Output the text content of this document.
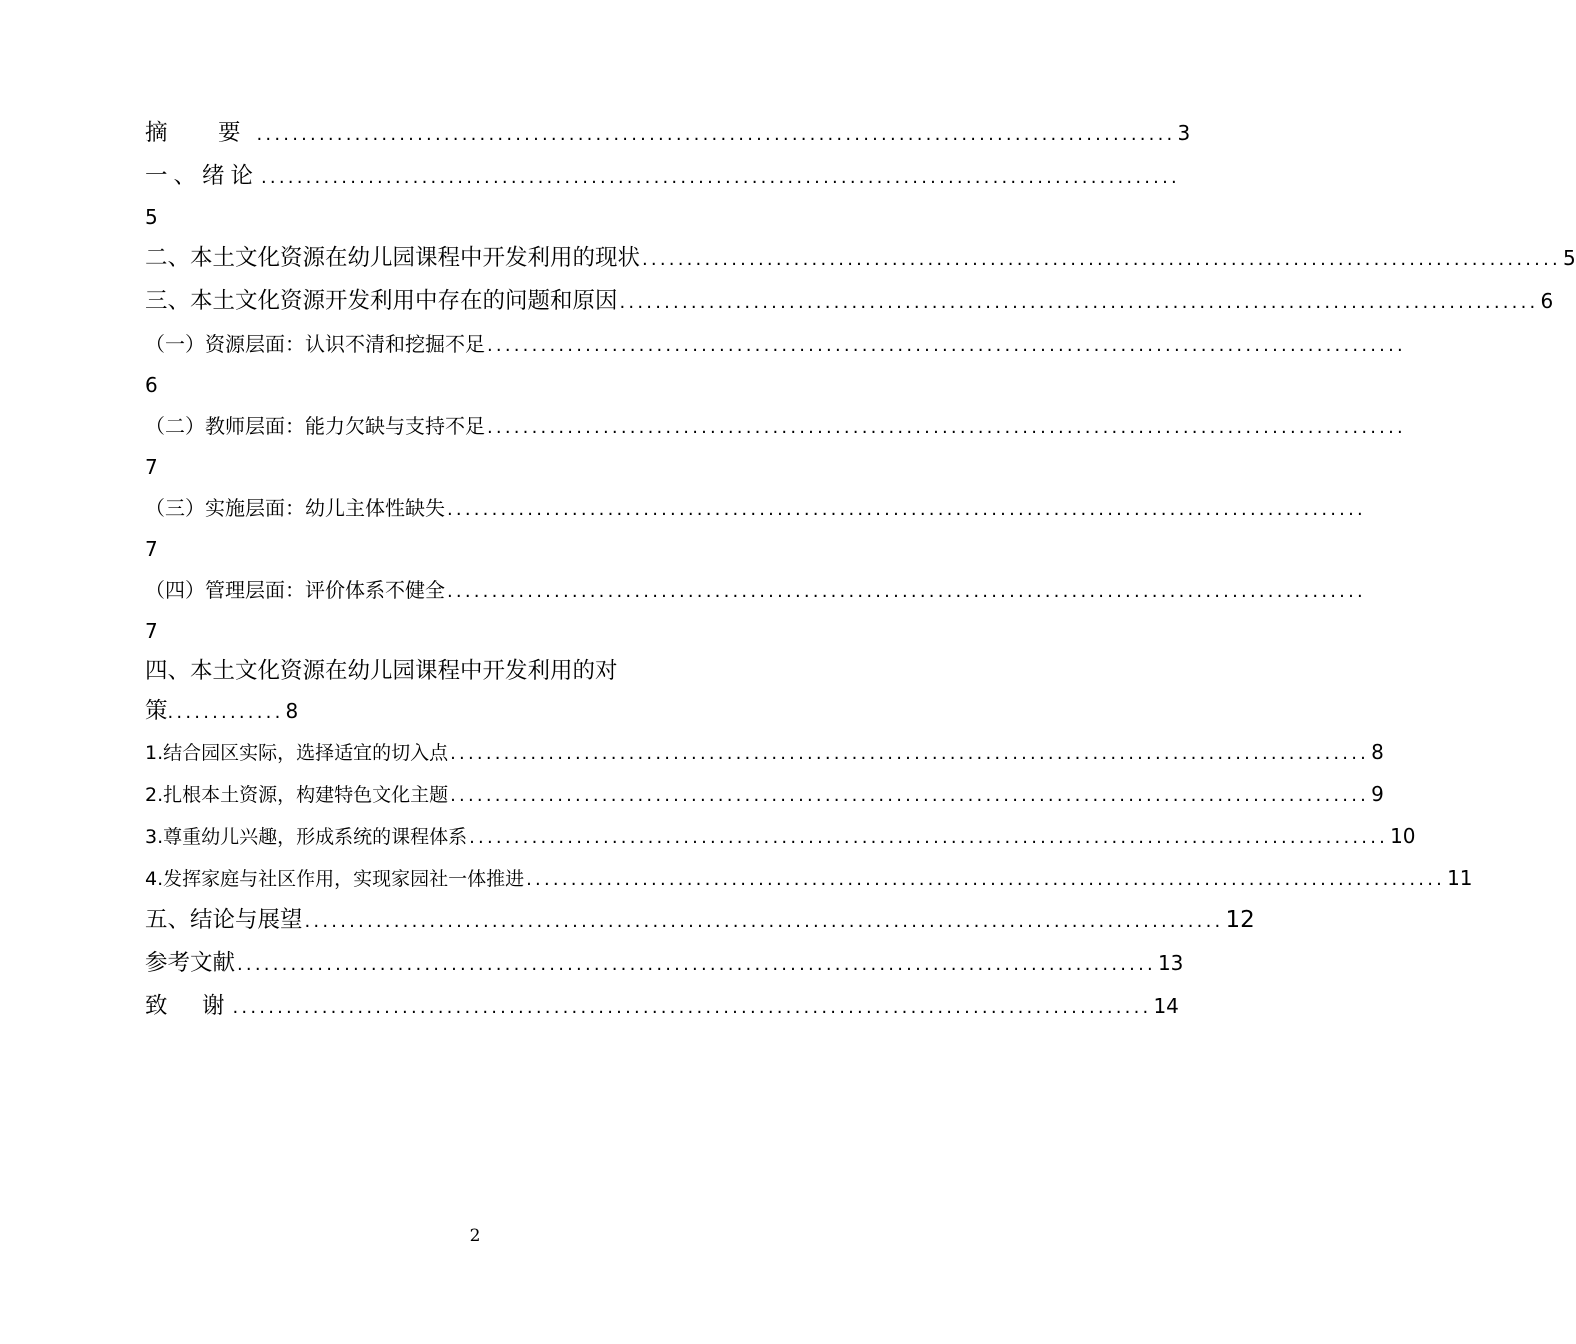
摘　要 ....................................................................................................... 3
一、绪论 .......................................................................................................
5
二、本土文化资源在幼儿园课程中开发利用的现状 ....................................................................................................... 5
三、本土文化资源开发利用中存在的问题和原因 ....................................................................................................... 6
（一）资源层面：认识不清和挖掘不足 .......................................................................................................
6
（二）教师层面：能力欠缺与支持不足 .......................................................................................................
7
（三）实施层面：幼儿主体性缺失 .......................................................................................................
7
（四）管理层面：评价体系不健全 .......................................................................................................
7
四、本土文化资源在幼儿园课程中开发利用的对
策 ............. 8
1.结合园区实际，选择适宜的切入点 ....................................................................................................... 8
2.扎根本土资源，构建特色文化主题 ....................................................................................................... 9
3.尊重幼儿兴趣，形成系统的课程体系 ....................................................................................................... 10
4.发挥家庭与社区作用，实现家园社一体推进 ....................................................................................................... 11
五、结论与展望 ....................................................................................................... 12
参考文献 ....................................................................................................... 13
致　谢 ....................................................................................................... 14
2
